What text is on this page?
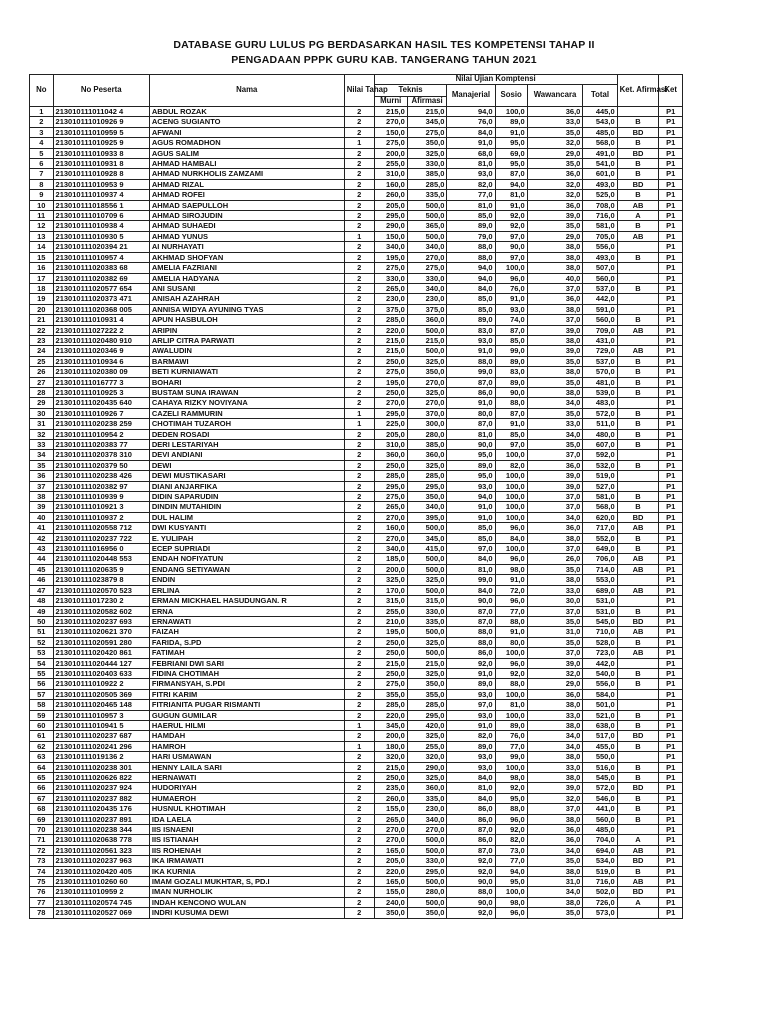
DATABASE GURU LULUS PG BERDASARKAN HASIL TES KOMPETENSI TAHAP II
PENGADAAN PPPK GURU KAB. TANGERANG TAHUN 2021
No	No Peserta	Nama	Nilai Tahap	Nilai Ujian Komptensi						Ket. Afirmasi	Ket
				Teknis		Manajerial	Sosio	Wawancara	Total		
				Murni	Afirmasi						
1	213010111011042 4	ABDUL ROZAK	2	215,0	215,0	94,0	100,0	36,0	445,0		P1
2	213010111010926 9	ACENG SUGIANTO	2	270,0	345,0	76,0	89,0	33,0	543,0	B	P1
3	213010111010959 5	AFWANI	2	150,0	275,0	84,0	91,0	35,0	485,0	BD	P1
4	213010111010925 9	AGUS ROMADHON	1	275,0	350,0	91,0	95,0	32,0	568,0	B	P1
5	213010111010933 8	AGUS SALIM	2	200,0	325,0	68,0	69,0	29,0	491,0	BD	P1
6	213010111010931 8	AHMAD HAMBALI	2	255,0	330,0	81,0	95,0	35,0	541,0	B	P1
7	213010111010928 8	AHMAD NURKHOLIS ZAMZAMI	2	310,0	385,0	93,0	87,0	36,0	601,0	B	P1
8	213010111010953 9	AHMAD RIZAL	2	160,0	285,0	82,0	94,0	32,0	493,0	BD	P1
9	213010111010937 4	AHMAD ROFEI	2	260,0	335,0	77,0	81,0	32,0	525,0	B	P1
10	213010111018556 1	AHMAD SAEPULLOH	2	205,0	500,0	81,0	91,0	36,0	708,0	AB	P1
11	213010111010709 6	AHMAD SIROJUDIN	2	295,0	500,0	85,0	92,0	39,0	716,0	A	P1
12	213010111010938 4	AHMAD SUHAEDI	2	290,0	365,0	89,0	92,0	35,0	581,0	B	P1
13	213010111010930 5	AHMAD YUNUS	1	150,0	500,0	79,0	97,0	29,0	705,0	AB	P1
14	213010111020394 21	AI NURHAYATI	2	340,0	340,0	88,0	90,0	38,0	556,0		P1
15	213010111010957 4	AKHMAD SHOFYAN	2	195,0	270,0	88,0	97,0	38,0	493,0	B	P1
16	213010111020383 68	AMELIA FAZRIANI	2	275,0	275,0	94,0	100,0	38,0	507,0		P1
17	213010111020382 69	AMELIA HADYANA	2	330,0	330,0	94,0	96,0	40,0	560,0		P1
18	213010111020577 654	ANI SUSANI	2	265,0	340,0	84,0	76,0	37,0	537,0	B	P1
19	213010111020373 471	ANISAH AZAHRAH	2	230,0	230,0	85,0	91,0	36,0	442,0		P1
20	213010111020368 005	ANNISA WIDYA AYUNING TYAS	2	375,0	375,0	85,0	93,0	38,0	591,0		P1
21	213010111010931 4	APUN HASBULOH	2	285,0	360,0	89,0	74,0	37,0	560,0	B	P1
22	213010111027222 2	ARIPIN	2	220,0	500,0	83,0	87,0	39,0	709,0	AB	P1
23	213010111020480 910	ARLIP CITRA PARWATI	2	215,0	215,0	93,0	85,0	38,0	431,0		P1
24	213010111020346 9	AWALUDIN	2	215,0	500,0	91,0	99,0	39,0	729,0	AB	P1
25	213010111010934 6	BARMAWI	2	250,0	325,0	88,0	89,0	35,0	537,0	B	P1
26	213010111020380 09	BETI KURNIAWATI	2	275,0	350,0	99,0	83,0	38,0	570,0	B	P1
27	213010111016777 3	BOHARI	2	195,0	270,0	87,0	89,0	35,0	481,0	B	P1
28	213010111010925 3	BUSTAM SUNA IRAWAN	2	250,0	325,0	86,0	90,0	38,0	539,0	B	P1
29	213010111020435 640	CAHAYA RIZKY NOVIYANA	2	270,0	270,0	91,0	88,0	34,0	483,0		P1
30	213010111010926 7	CAZELI RAMMURIN	1	295,0	370,0	80,0	87,0	35,0	572,0	B	P1
31	213010111020238 259	CHOTIMAH TUZAROH	1	225,0	300,0	87,0	91,0	33,0	511,0	B	P1
32	213010111010954 2	DEDEN ROSADI	2	205,0	280,0	81,0	85,0	34,0	480,0	B	P1
33	213010111020383 77	DERI LESTARIYAH	2	310,0	385,0	90,0	97,0	35,0	607,0	B	P1
34	213010111020378 310	DEVI ANDIANI	2	360,0	360,0	95,0	100,0	37,0	592,0		P1
35	213010111020379 50	DEWI	2	250,0	325,0	89,0	82,0	36,0	532,0	B	P1
36	213010111020238 426	DEWI MUSTIKASARI	2	285,0	285,0	95,0	100,0	39,0	519,0		P1
37	213010111020382 97	DIANI ANJARFIKA	2	295,0	295,0	93,0	100,0	39,0	527,0		P1
38	213010111010939 9	DIDIN SAPARUDIN	2	275,0	350,0	94,0	100,0	37,0	581,0	B	P1
39	213010111010921 3	DINDIN MUTAHIDIN	2	265,0	340,0	91,0	100,0	37,0	568,0	B	P1
40	213010111010937 2	DUL HALIM	2	270,0	395,0	91,0	100,0	34,0	620,0	BD	P1
41	213010111020558 712	DWI KUSYANTI	2	160,0	500,0	85,0	96,0	36,0	717,0	AB	P1
42	213010111020237 722	E. YULIPAH	2	270,0	345,0	85,0	84,0	38,0	552,0	B	P1
43	213010111016956 0	ECEP SUPRIADI	2	340,0	415,0	97,0	100,0	37,0	649,0	B	P1
44	213010111020448 553	ENDAH NOFIYATUN	2	185,0	500,0	84,0	96,0	26,0	706,0	AB	P1
45	213010111020635 9	ENDANG SETIYAWAN	2	200,0	500,0	81,0	98,0	35,0	714,0	AB	P1
46	213010111023879 8	ENDIN	2	325,0	325,0	99,0	91,0	38,0	553,0		P1
47	213010111020570 523	ERLINA	2	170,0	500,0	84,0	72,0	33,0	689,0	AB	P1
48	213010111017230 2	ERMAN MICKHAEL HASUDUNGAN. R	2	315,0	315,0	90,0	96,0	30,0	531,0		P1
49	213010111020582 602	ERNA	2	255,0	330,0	87,0	77,0	37,0	531,0	B	P1
50	213010111020237 693	ERNAWATI	2	210,0	335,0	87,0	88,0	35,0	545,0	BD	P1
51	213010111020621 370	FAIZAH	2	195,0	500,0	88,0	91,0	31,0	710,0	AB	P1
52	213010111020591 280	FARIDA, S.PD	2	250,0	325,0	88,0	80,0	35,0	528,0	B	P1
53	213010111020420 861	FATIMAH	2	250,0	500,0	86,0	100,0	37,0	723,0	AB	P1
54	213010111020444 127	FEBRIANI DWI SARI	2	215,0	215,0	92,0	96,0	39,0	442,0		P1
55	213010111020403 633	FIDINA CHOTIMAH	2	250,0	325,0	91,0	92,0	32,0	540,0	B	P1
56	213010111010922 2	FIRMANSYAH, S.PDI	2	275,0	350,0	89,0	88,0	29,0	556,0	B	P1
57	213010111020505 369	FITRI KARIM	2	355,0	355,0	93,0	100,0	36,0	584,0		P1
58	213010111020465 148	FITRIANITA PUGAR RISMANTI	2	285,0	285,0	97,0	81,0	38,0	501,0		P1
59	213010111010957 3	GUGUN GUMILAR	2	220,0	295,0	93,0	100,0	33,0	521,0	B	P1
60	213010111010941 5	HAERUL HILMI	1	345,0	420,0	91,0	89,0	38,0	638,0	B	P1
61	213010111020237 687	HAMDAH	2	200,0	325,0	82,0	76,0	34,0	517,0	BD	P1
62	213010111020241 296	HAMROH	1	180,0	255,0	89,0	77,0	34,0	455,0	B	P1
63	213010111019136 2	HARI USMAWAN	2	320,0	320,0	93,0	99,0	38,0	550,0		P1
64	213010111020238 301	HENNY LAILA SARI	2	215,0	290,0	93,0	100,0	33,0	516,0	B	P1
65	213010111020626 822	HERNAWATI	2	250,0	325,0	84,0	98,0	38,0	545,0	B	P1
66	213010111020237 924	HUDORIYAH	2	235,0	360,0	81,0	92,0	39,0	572,0	BD	P1
67	213010111020237 882	HUMAEROH	2	260,0	335,0	84,0	95,0	32,0	546,0	B	P1
68	213010111020435 176	HUSNUL KHOTIMAH	2	155,0	230,0	86,0	88,0	37,0	441,0	B	P1
69	213010111020237 891	IDA LAELA	2	265,0	340,0	86,0	96,0	38,0	560,0	B	P1
70	213010111020238 344	IIS ISNAENI	2	270,0	270,0	87,0	92,0	36,0	485,0		P1
71	213010111020638 778	IIS ISTIANAH	2	270,0	500,0	86,0	82,0	36,0	704,0	A	P1
72	213010111020561 323	IIS ROHENAH	2	165,0	500,0	87,0	73,0	34,0	694,0	AB	P1
73	213010111020237 963	IKA IRMAWATI	2	205,0	330,0	92,0	77,0	35,0	534,0	BD	P1
74	213010111020420 405	IKA KURNIA	2	220,0	295,0	92,0	94,0	38,0	519,0	B	P1
75	213010111010260 60	IMAM GOZALI MUKHTAR, S, PD.I	2	165,0	500,0	90,0	95,0	31,0	716,0	AB	P1
76	213010111010959 2	IMAN NURHOLIK	2	155,0	280,0	88,0	100,0	34,0	502,0	BD	P1
77	213010111020574 745	INDAH KENCONO WULAN	2	240,0	500,0	90,0	98,0	38,0	726,0	A	P1
78	213010111020527 069	INDRI KUSUMA DEWI	2	350,0	350,0	92,0	96,0	35,0	573,0		P1
